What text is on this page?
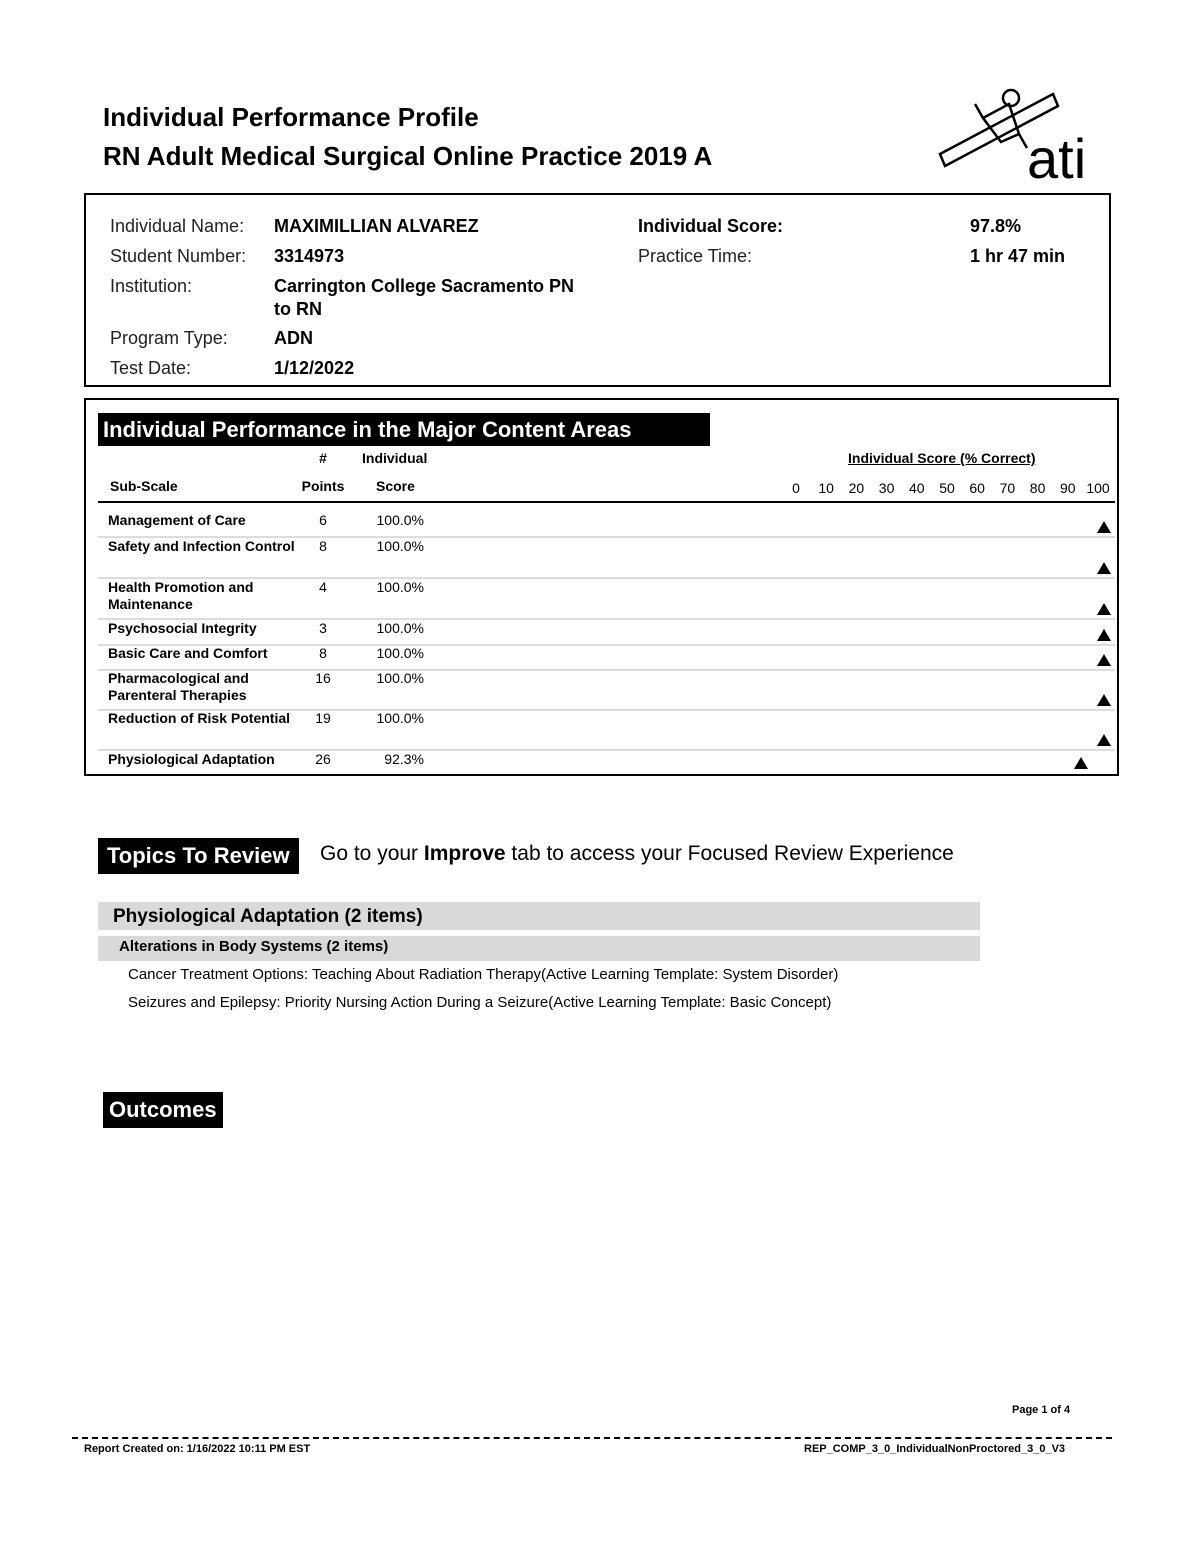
Individual Performance Profile
RN Adult Medical Surgical Online Practice 2019 A	ati
Individual Name: MAXIMILLIAN ALVAREZ
Student Number: 3314973
Institution:	Carrington College Sacramento PN
to RN
Program Type:	ADN
Test Date:	1/12/2022
Individual Score:	97.8%
Practice Time:	1 hr 47 min
Individual Performance in the Major Content Areas
#	Individual	Individual Score (% Correct)
Sub-Scale	Points Score	0	10	20	30	40	50	60	70	80	90 100
Management of Care	6	100.0%
Safety and Infection Control	8	100.0%
Health Promotion and Maintenance
4	100.0%
Psychosocial Integrity	3	100.0%
Basic Care and Comfort	8	100.0%
Pharmacological and Parenteral Therapies
16	100.0%
Reduction of Risk Potential	19	100.0%
Physiological Adaptation	26	92.3%
Topics To Review	Go to your Improve tab to access your Focused Review Experience
Physiological Adaptation (2 items)
Alterations in Body Systems (2 items)
Cancer Treatment Options: Teaching About Radiation Therapy(Active Learning Template: System Disorder)
Seizures and Epilepsy: Priority Nursing Action During a Seizure(Active Learning Template: Basic Concept)
Outcomes
Page 1 of 4
Report Created on: 1/16/2022 10:11 PM EST	REP_COMP_3_0_IndividualNonProctored_3_0_V3
